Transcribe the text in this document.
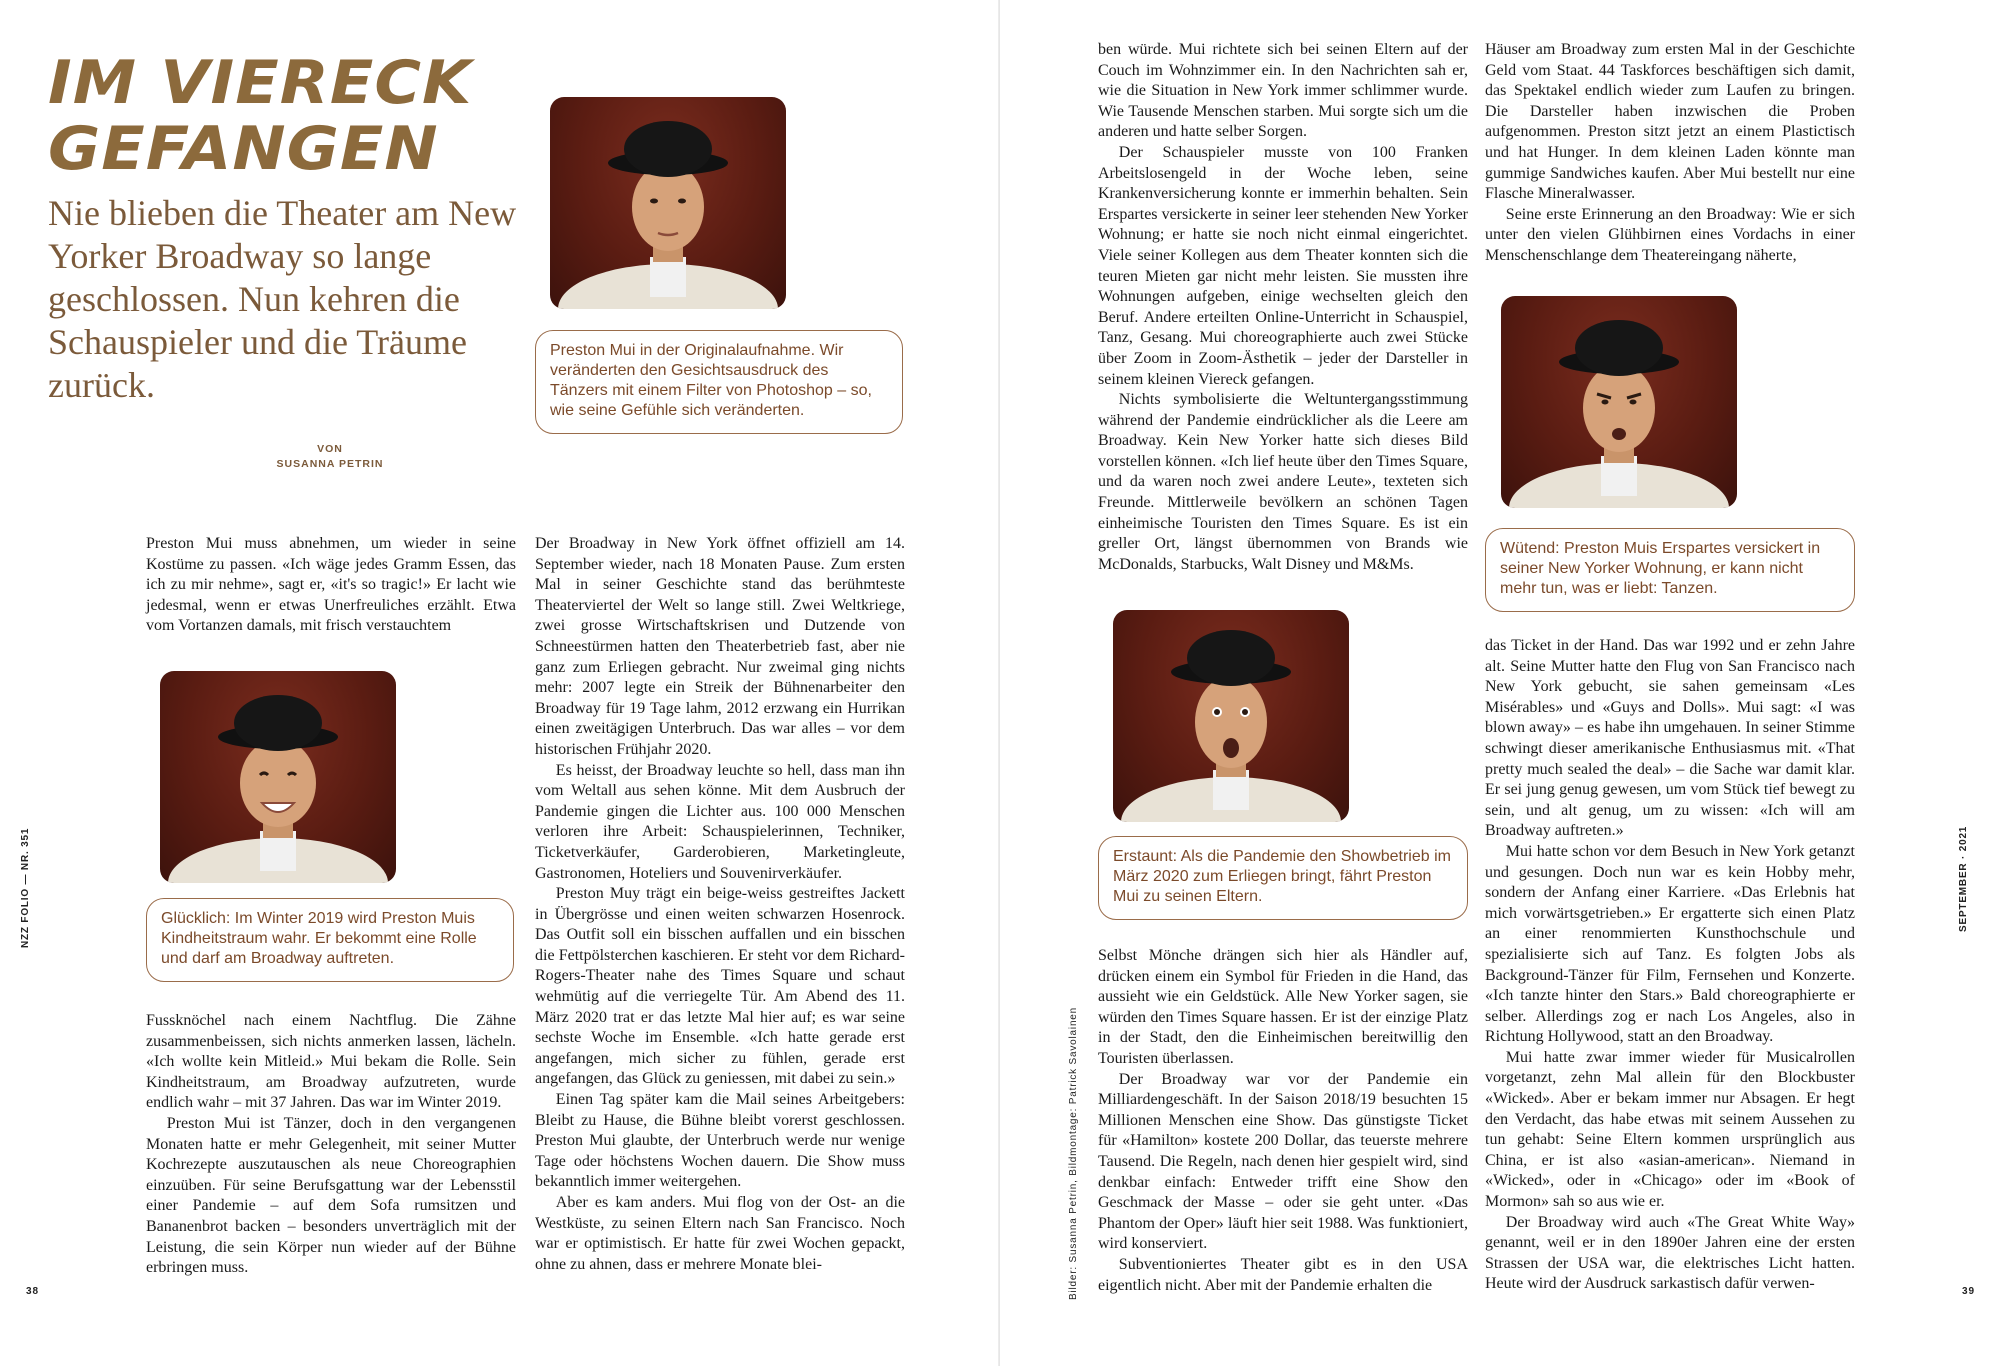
IM VIERECK
GEFANGEN

Nie blieben die Theater am New Yorker Broadway so lange geschlossen. Nun kehren die Schauspieler und die Träume zurück.

VON
SUSANNA PETRIN
Preston Mui in der Originalaufnahme. Wir veränderten den Gesichtsausdruck des Tänzers mit einem Filter von Photoshop – so, wie seine Gefühle sich veränderten.

Preston Mui muss abnehmen, um wieder in seine Kostüme zu passen. «Ich wäge jedes Gramm Essen, das ich zu mir nehme», sagt er, «it's so tragic!» Er lacht wie jedesmal, wenn er etwas Unerfreuliches erzählt. Etwa vom Vortanzen damals, mit frisch verstauchtem

Glücklich: Im Winter 2019 wird Preston Muis Kindheitstraum wahr. Er bekommt eine Rolle und darf am Broadway auftreten.

Fussknöchel nach einem Nachtflug. Die Zähne zusammenbeissen, sich nichts anmerken lassen, lächeln. «Ich wollte kein Mitleid.» Mui bekam die Rolle. Sein Kindheitstraum, am Broadway aufzutreten, wurde endlich wahr – mit 37 Jahren. Das war im Winter 2019.

Preston Mui ist Tänzer, doch in den vergangenen Monaten hatte er mehr Gelegenheit, mit seiner Mutter Kochrezepte auszutauschen als neue Choreographien einzuüben. Für seine Berufsgattung war der Lebensstil einer Pandemie – auf dem Sofa rumsitzen und Bananenbrot backen – besonders unverträglich mit der Leistung, die sein Körper nun wieder auf der Bühne erbringen muss.

Der Broadway in New York öffnet offiziell am 14. September wieder, nach 18 Monaten Pause. Zum ersten Mal in seiner Geschichte stand das berühmteste Theaterviertel der Welt so lange still. Zwei Weltkriege, zwei grosse Wirtschaftskrisen und Dutzende von Schneestürmen hatten den Theaterbetrieb fast, aber nie ganz zum Erliegen gebracht. Nur zweimal ging nichts mehr: 2007 legte ein Streik der Bühnenarbeiter den Broadway für 19 Tage lahm, 2012 erzwang ein Hurrikan einen zweitägigen Unterbruch. Das war alles – vor dem historischen Frühjahr 2020.

Es heisst, der Broadway leuchte so hell, dass man ihn vom Weltall aus sehen könne. Mit dem Ausbruch der Pandemie gingen die Lichter aus. 100 000 Menschen verloren ihre Arbeit: Schauspielerinnen, Techniker, Ticketverkäufer, Garderobieren, Marketingleute, Gastronomen, Hoteliers und Souvenirverkäufer.

Preston Muy trägt ein beige-weiss gestreiftes Jackett in Übergrösse und einen weiten schwarzen Hosenrock. Das Outfit soll ein bisschen auffallen und ein bisschen die Fettpölsterchen kaschieren. Er steht vor dem Richard-Rogers-Theater nahe des Times Square und schaut wehmütig auf die verriegelte Tür. Am Abend des 11. März 2020 trat er das letzte Mal hier auf; es war seine sechste Woche im Ensemble. «Ich hatte gerade erst angefangen, mich sicher zu fühlen, gerade erst angefangen, das Glück zu geniessen, mit dabei zu sein.»

Einen Tag später kam die Mail seines Arbeitgebers: Bleibt zu Hause, die Bühne bleibt vorerst geschlossen. Preston Mui glaubte, der Unterbruch werde nur wenige Tage oder höchstens Wochen dauern. Die Show muss bekanntlich immer weitergehen.

Aber es kam anders. Mui flog von der Ost- an die Westküste, zu seinen Eltern nach San Francisco. Noch war er optimistisch. Er hatte für zwei Wochen gepackt, ohne zu ahnen, dass er mehrere Monate blei-

NZZ FOLIO — NR. 351
38

ben würde. Mui richtete sich bei seinen Eltern auf der Couch im Wohnzimmer ein. In den Nachrichten sah er, wie die Situation in New York immer schlimmer wurde. Wie Tausende Menschen starben. Mui sorgte sich um die anderen und hatte selber Sorgen.

Der Schauspieler musste von 100 Franken Arbeitslosengeld in der Woche leben, seine Krankenversicherung konnte er immerhin behalten. Sein Erspartes versickerte in seiner leer stehenden New Yorker Wohnung; er hatte sie noch nicht einmal eingerichtet. Viele seiner Kollegen aus dem Theater konnten sich die teuren Mieten gar nicht mehr leisten. Sie mussten ihre Wohnungen aufgeben, einige wechselten gleich den Beruf. Andere erteilten Online-Unterricht in Schauspiel, Tanz, Gesang. Mui choreographierte auch zwei Stücke über Zoom in Zoom-Ästhetik – jeder der Darsteller in seinem kleinen Viereck gefangen.

Nichts symbolisierte die Weltuntergangsstimmung während der Pandemie eindrücklicher als die Leere am Broadway. Kein New Yorker hatte sich dieses Bild vorstellen können. «Ich lief heute über den Times Square, und da waren noch zwei andere Leute», texteten sich Freunde. Mittlerweile bevölkern an schönen Tagen einheimische Touristen den Times Square. Es ist ein greller Ort, längst übernommen von Brands wie McDonalds, Starbucks, Walt Disney und M&Ms.

Erstaunt: Als die Pandemie den Showbetrieb im März 2020 zum Erliegen bringt, fährt Preston Mui zu seinen Eltern.

Selbst Mönche drängen sich hier als Händler auf, drücken einem ein Symbol für Frieden in die Hand, das aussieht wie ein Geldstück. Alle New Yorker sagen, sie würden den Times Square hassen. Er ist der einzige Platz in der Stadt, den die Einheimischen bereitwillig den Touristen überlassen.

Der Broadway war vor der Pandemie ein Milliardengeschäft. In der Saison 2018/19 besuchten 15 Millionen Menschen eine Show. Das günstigste Ticket für «Hamilton» kostete 200 Dollar, das teuerste mehrere Tausend. Die Regeln, nach denen hier gespielt wird, sind denkbar einfach: Entweder trifft eine Show den Geschmack der Masse – oder sie geht unter. «Das Phantom der Oper» läuft hier seit 1988. Was funktioniert, wird konserviert.

Subventioniertes Theater gibt es in den USA eigentlich nicht. Aber mit der Pandemie erhalten die

Häuser am Broadway zum ersten Mal in der Geschichte Geld vom Staat. 44 Taskforces beschäftigen sich damit, das Spektakel endlich wieder zum Laufen zu bringen. Die Darsteller haben inzwischen die Proben aufgenommen. Preston sitzt jetzt an einem Plastictisch und hat Hunger. In dem kleinen Laden könnte man gummige Sandwiches kaufen. Aber Mui bestellt nur eine Flasche Mineralwasser.

Seine erste Erinnerung an den Broadway: Wie er sich unter den vielen Glühbirnen eines Vordachs in einer Menschenschlange dem Theatereingang näherte,

Wütend: Preston Muis Erspartes versickert in seiner New Yorker Wohnung, er kann nicht mehr tun, was er liebt: Tanzen.

das Ticket in der Hand. Das war 1992 und er zehn Jahre alt. Seine Mutter hatte den Flug von San Francisco nach New York gebucht, sie sahen gemeinsam «Les Misérables» und «Guys and Dolls». Mui sagt: «I was blown away» – es habe ihn umgehauen. In seiner Stimme schwingt dieser amerikanische Enthusiasmus mit. «That pretty much sealed the deal» – die Sache war damit klar. Er sei jung genug gewesen, um vom Stück tief bewegt zu sein, und alt genug, um zu wissen: «Ich will am Broadway auftreten.»

Mui hatte schon vor dem Besuch in New York getanzt und gesungen. Doch nun war es kein Hobby mehr, sondern der Anfang einer Karriere. «Das Erlebnis hat mich vorwärtsgetrieben.» Er ergatterte sich einen Platz an einer renommierten Kunsthochschule und spezialisierte sich auf Tanz. Es folgten Jobs als Background-Tänzer für Film, Fernsehen und Konzerte. «Ich tanzte hinter den Stars.» Bald choreographierte er selber. Allerdings zog er nach Los Angeles, also in Richtung Hollywood, statt an den Broadway.

Mui hatte zwar immer wieder für Musicalrollen vorgetanzt, zehn Mal allein für den Blockbuster «Wicked». Aber er bekam immer nur Absagen. Er hegt den Verdacht, das habe etwas mit seinem Aussehen zu tun gehabt: Seine Eltern kommen ursprünglich aus China, er ist also «asian-american». Niemand in «Wicked», oder in «Chicago» oder im «Book of Mormon» sah so aus wie er.

Der Broadway wird auch «The Great White Way» genannt, weil er in den 1890er Jahren eine der ersten Strassen der USA war, die elektrisches Licht hatten. Heute wird der Ausdruck sarkastisch dafür verwen-

Bilder: Susanna Petrin, Bildmontage: Patrick Savolainen
SEPTEMBER · 2021
39
